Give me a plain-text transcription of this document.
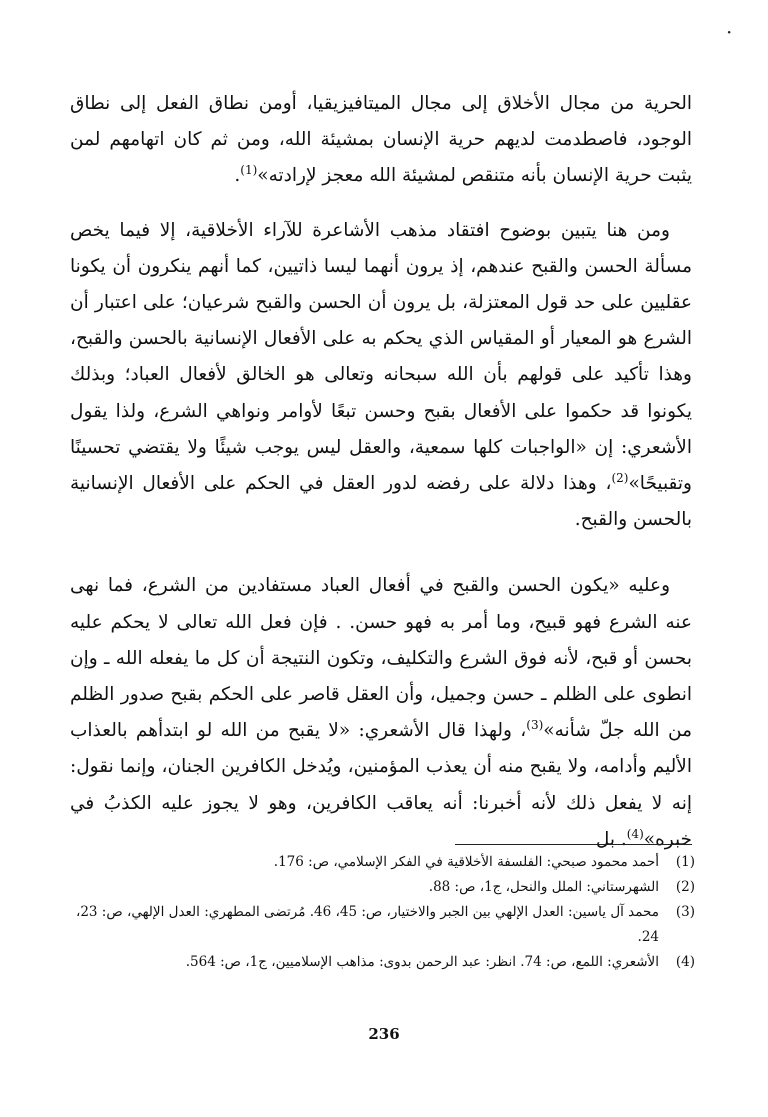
·

الحرية من مجال الأخلاق إلى مجال الميتافيزيقيا، أومن نطاق الفعل إلى نطاق الوجود، فاصطدمت لديهم حرية الإنسان بمشيئة الله، ومن ثم كان اتهامهم لمن يثبت حرية الإنسان بأنه متنقص لمشيئة الله معجز لإرادته»$^{(1)}$.

ومن هنا يتبين بوضوح افتقاد مذهب الأشاعرة للآراء الأخلاقية، إلا فيما يخص مسألة الحسن والقبح عندهم، إذ يرون أنهما ليسا ذاتيين، كما أنهم ينكرون أن يكونا عقليين على حد قول المعتزلة، بل يرون أن الحسن والقبح شرعيان؛ على اعتبار أن الشرع هو المعيار أو المقياس الذي يحكم به على الأفعال الإنسانية بالحسن والقبح، وهذا تأكيد على قولهم بأن الله سبحانه وتعالى هو الخالق لأفعال العباد؛ وبذلك يكونوا قد حكموا على الأفعال بقبح وحسن تبعًا لأوامر ونواهي الشرع، ولذا يقول الأشعري: إن «الواجبات كلها سمعية، والعقل ليس يوجب شيئًا ولا يقتضي تحسينًا وتقبيحًا»$^{(2)}$، وهذا دلالة على رفضه لدور العقل في الحكم على الأفعال الإنسانية بالحسن والقبح.

وعليه «يكون الحسن والقبح في أفعال العباد مستفادين من الشرع، فما نهى عنه الشرع فهو قبيح، وما أمر به فهو حسن. . فإن فعل الله تعالى لا يحكم عليه بحسن أو قبح، لأنه فوق الشرع والتكليف، وتكون النتيجة أن كل ما يفعله الله ـ وإن انطوى على الظلم ـ حسن وجميل، وأن العقل قاصر على الحكم بقبح صدور الظلم من الله جلّ شأنه»$^{(3)}$، ولهذا قال الأشعري: «لا يقبح من الله لو ابتدأهم بالعذاب الأليم وأدامه، ولا يقبح منه أن يعذب المؤمنين، ويُدخل الكافرين الجنان، وإنما نقول: إنه لا يفعل ذلك لأنه أخبرنا: أنه يعاقب الكافرين، وهو لا يجوز عليه الكذبُ في خبره»$^{(4)}$. بل

(1)
أحمد محمود صبحي: الفلسفة الأخلاقية في الفكر الإسلامي، ص: 176.
(2)
الشهرستاني: الملل والنحل، ج1، ص: 88.
(3)
محمد آل ياسين: العدل الإلهي بين الجبر والاختيار، ص: 45، 46. مُرتضى المطهري: العدل الإلهي، ص: 23، 24.
(4)
الأشعري: اللمع، ص: 74. انظر: عبد الرحمن بدوى: مذاهب الإسلاميين، ج1، ص: 564.
236
